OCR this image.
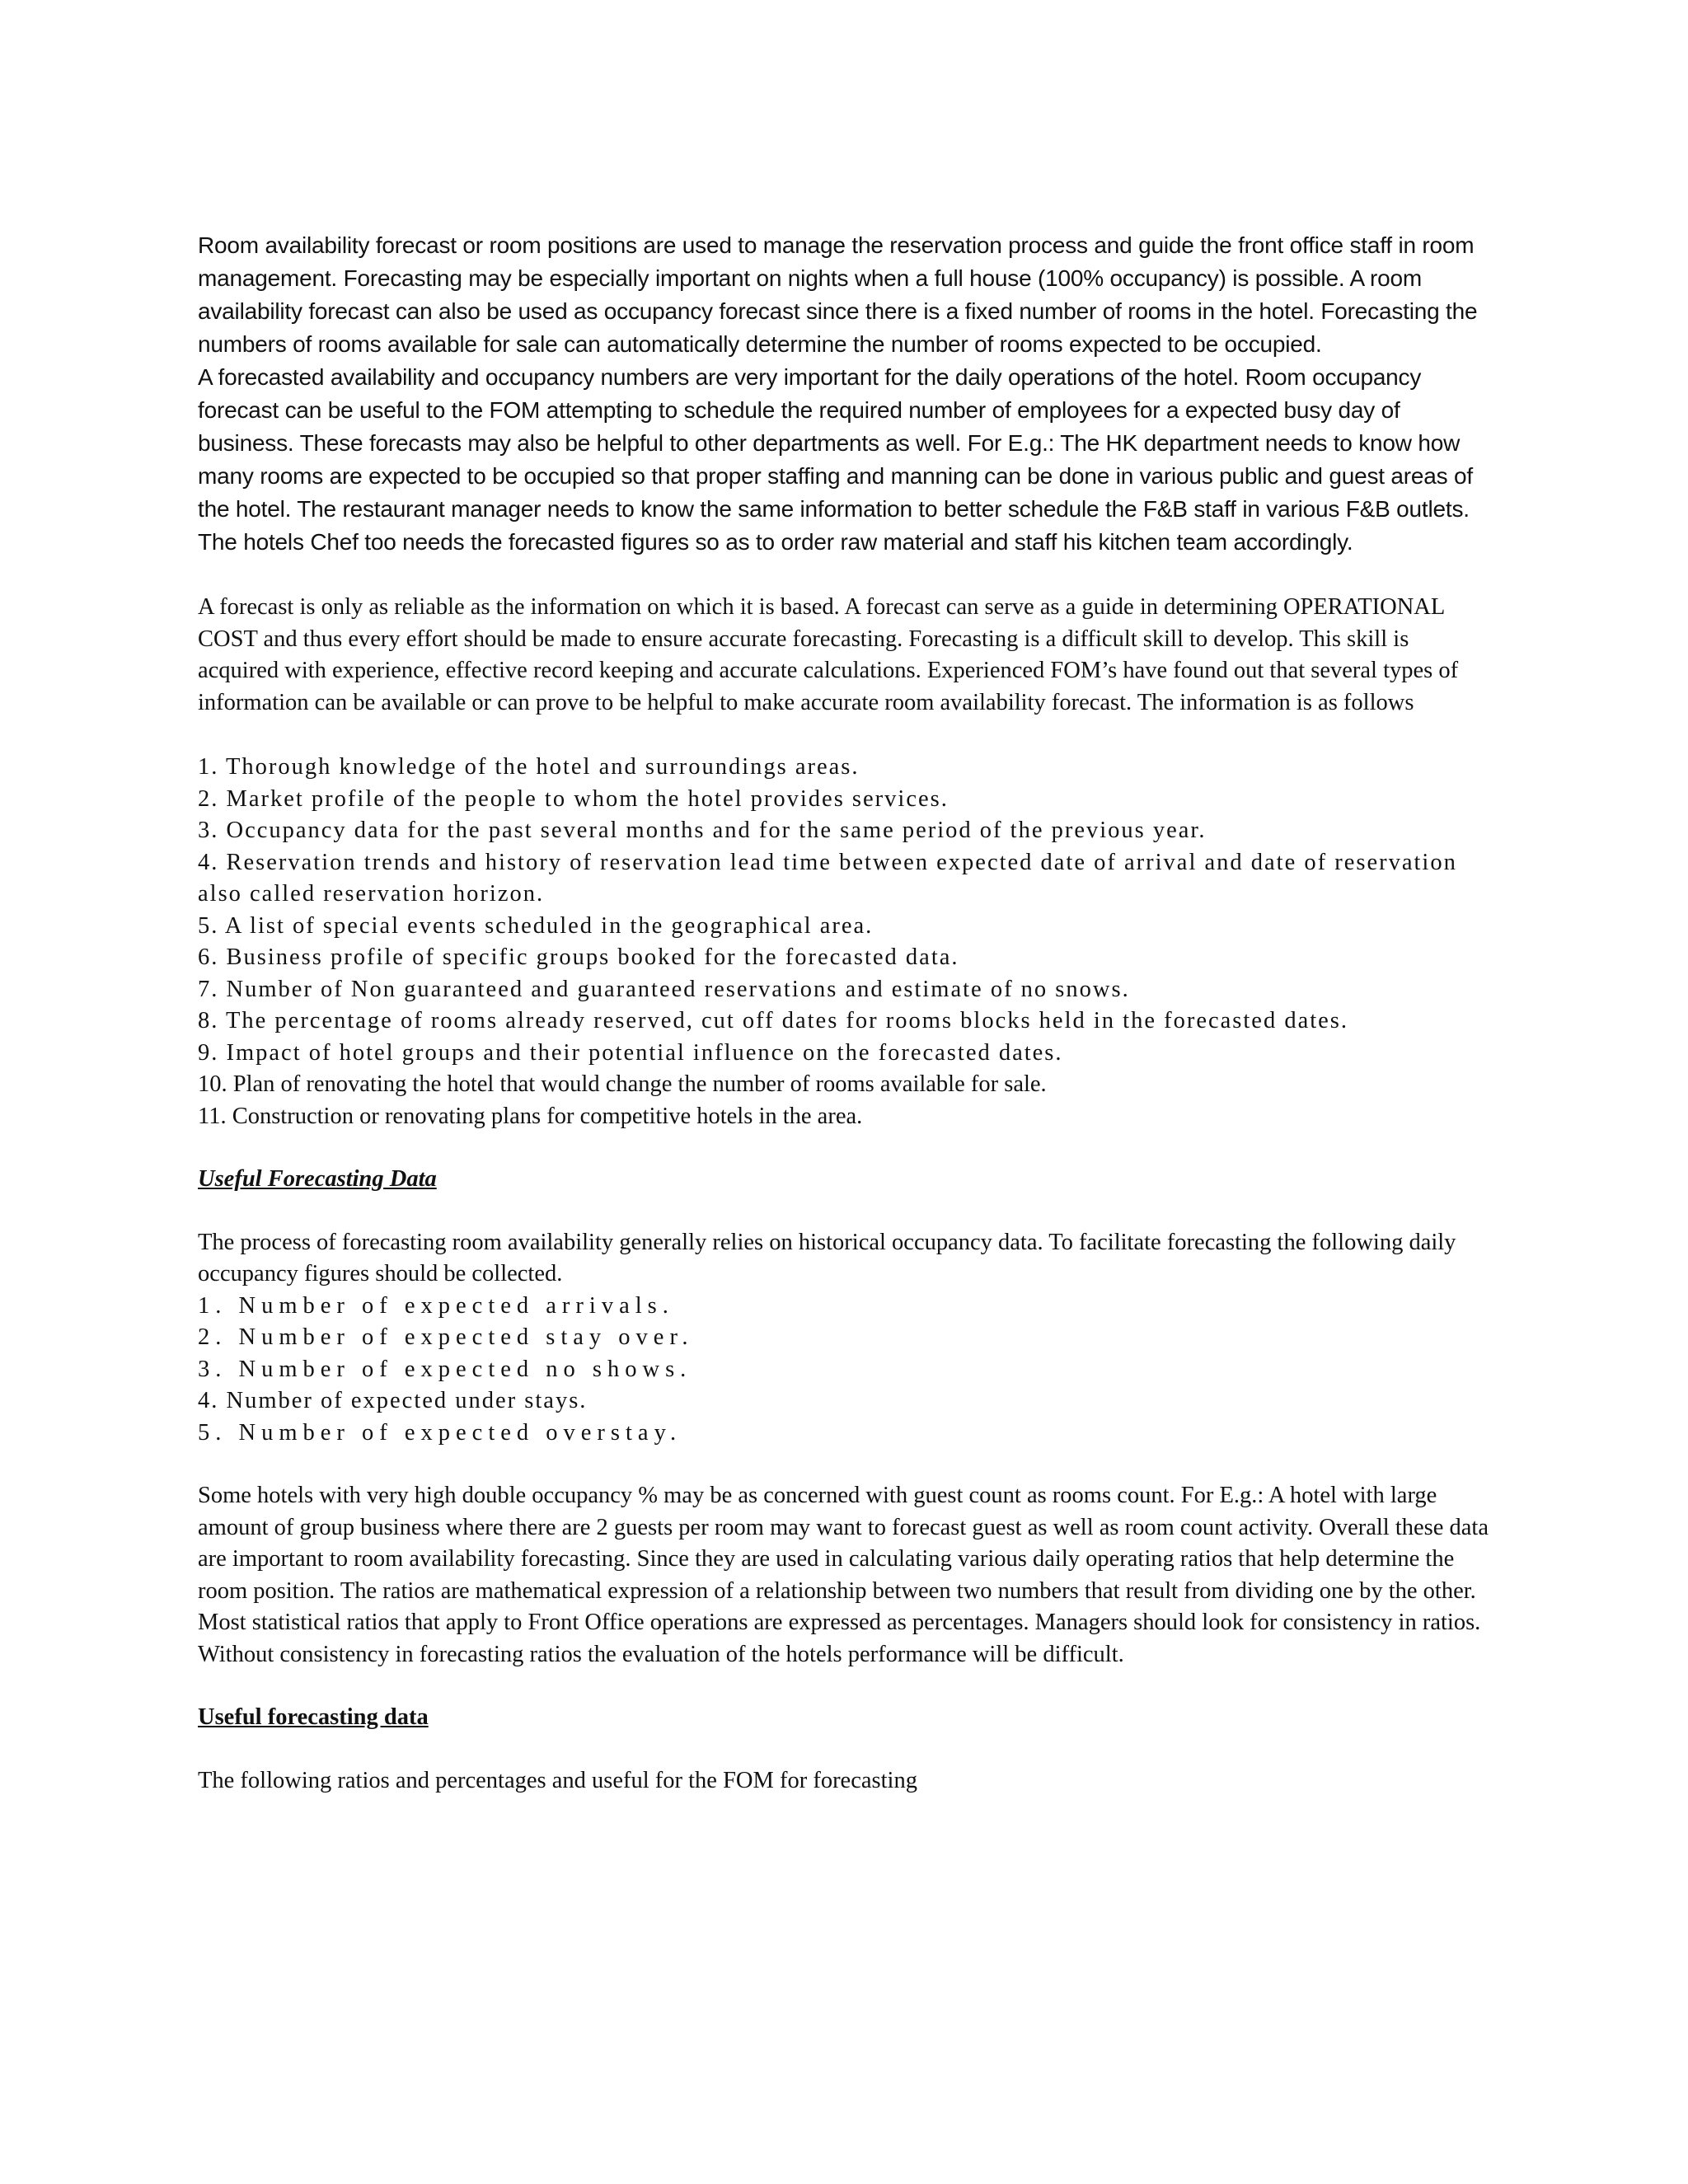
Room availability forecast or room positions are used to manage the reservation process and guide the front office staff in room management. Forecasting may be especially important on nights when a full house (100% occupancy) is possible. A room availability forecast can also be used as occupancy forecast since there is a fixed number of rooms in the hotel. Forecasting the numbers of rooms available for sale can automatically determine the number of rooms expected to be occupied.

A forecasted availability and occupancy numbers are very important for the daily operations of the hotel. Room occupancy forecast can be useful to the FOM attempting to schedule the required number of employees for a expected busy day of business. These forecasts may also be helpful to other departments as well. For E.g.: The HK department needs to know how many rooms are expected to be occupied so that proper staffing and manning can be done in various public and guest areas of the hotel. The restaurant manager needs to know the same information to better schedule the F&B staff in various F&B outlets. The hotels Chef too needs the forecasted figures so as to order raw material and staff his kitchen team accordingly.

A forecast is only as reliable as the information on which it is based. A forecast can serve as a guide in determining OPERATIONAL COST and thus every effort should be made to ensure accurate forecasting. Forecasting is a difficult skill to develop. This skill is acquired with experience, effective record keeping and accurate calculations. Experienced FOM’s have found out that several types of information can be available or can prove to be helpful to make accurate room availability forecast. The information is as follows

1. Thorough knowledge of the hotel and surroundings areas.
2. Market profile of the people to whom the hotel provides services.
3. Occupancy data for the past several months and for the same period of the previous year.
4. Reservation trends and history of reservation lead time between expected date of arrival and date of reservation also called reservation horizon.
5. A list of special events scheduled in the geographical area.
6. Business profile of specific groups booked for the forecasted data.
7. Number of Non guaranteed and guaranteed reservations and estimate of no snows.
8. The percentage of rooms already reserved, cut off dates for rooms blocks held in the forecasted dates.
9. Impact of hotel groups and their potential influence on the forecasted dates.
10. Plan of renovating the hotel that would change the number of rooms available for sale.
11. Construction or renovating plans for competitive hotels in the area.

Useful Forecasting Data

The process of forecasting room availability generally relies on historical occupancy data. To facilitate forecasting the following daily occupancy figures should be collected.

1. Number of expected arrivals.
2. Number of expected stay over.
3. Number of expected no shows.
4. Number of expected under stays.
5. Number of expected overstay.

Some hotels with very high double occupancy % may be as concerned with guest count as rooms count. For E.g.: A hotel with large amount of group business where there are 2 guests per room may want to forecast guest as well as room count activity. Overall these data are important to room availability forecasting. Since they are used in calculating various daily operating ratios that help determine the room position. The ratios are mathematical expression of a relationship between two numbers that result from dividing one by the other. Most statistical ratios that apply to Front Office operations are expressed as percentages. Managers should look for consistency in ratios. Without consistency in forecasting ratios the evaluation of the hotels performance will be difficult.

Useful forecasting data

The following ratios and percentages and useful for the FOM for forecasting
